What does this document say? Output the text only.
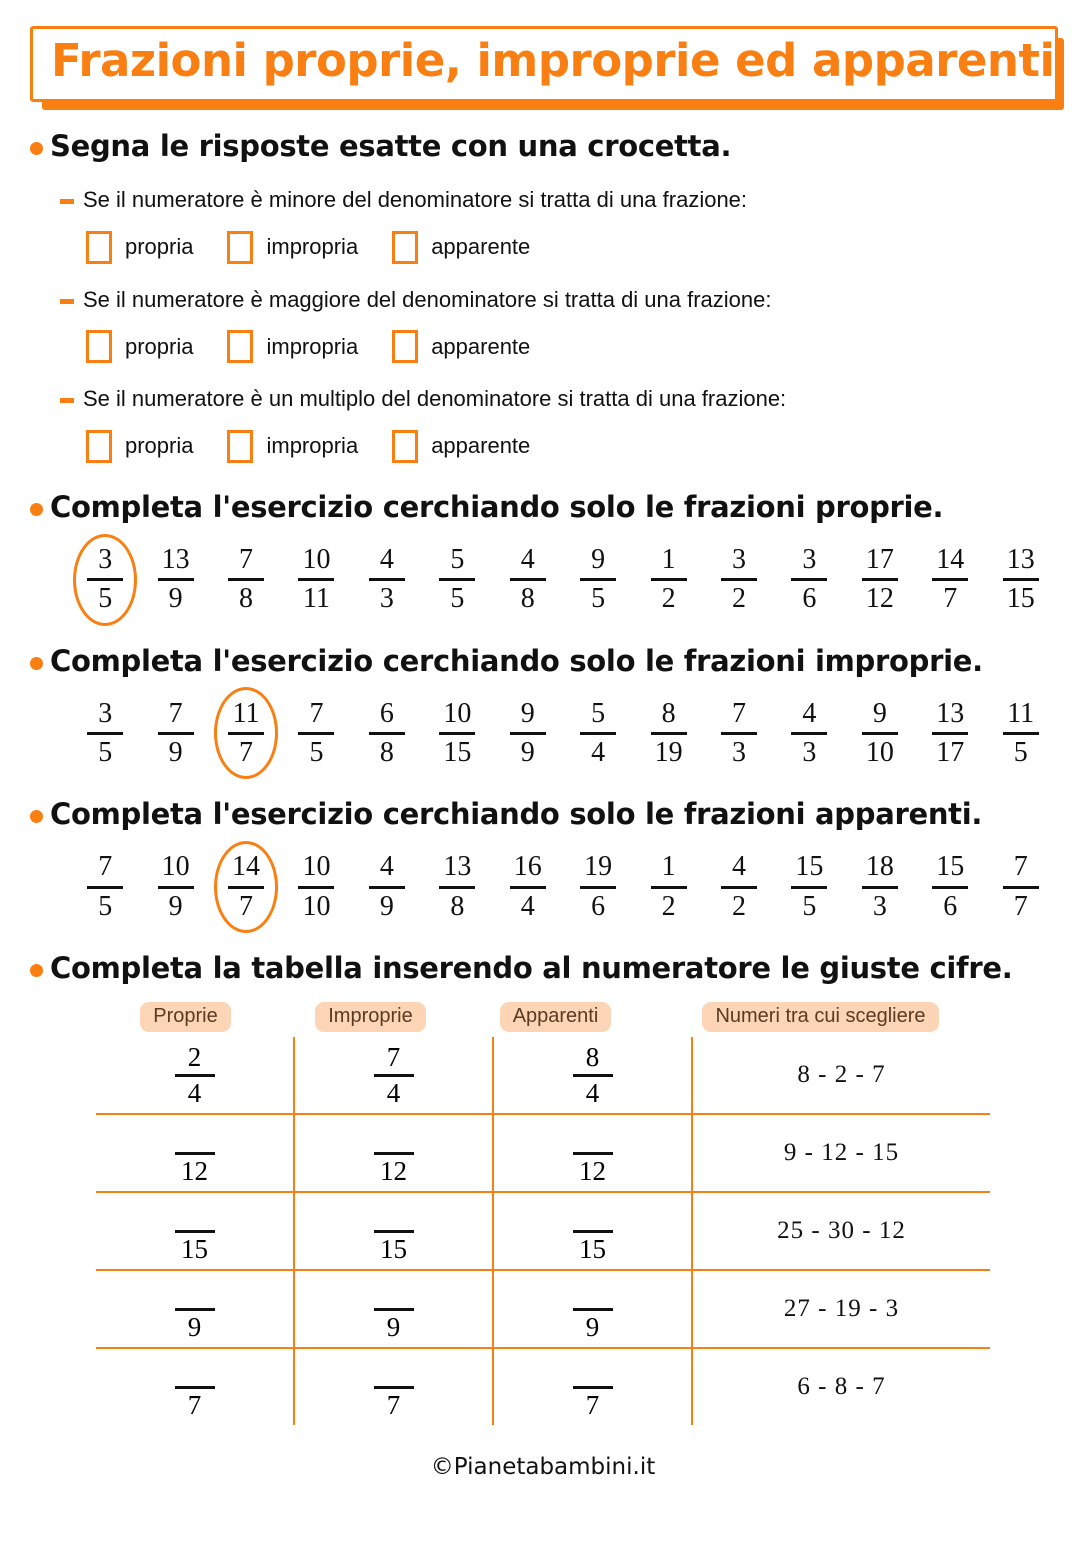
Frazioni proprie, improprie ed apparenti
Segna le risposte esatte con una crocetta.
Se il numeratore è minore del denominatore si tratta di una frazione:
propria	impropria	apparente
Se il numeratore è maggiore del denominatore si tratta di una frazione:
propria	impropria	apparente
Se il numeratore è un multiplo del denominatore si tratta di una frazione:
propria	impropria	apparente
Completa l'esercizio cerchiando solo le frazioni proprie.
$\frac{3}{5} \frac{13}{9} \frac{7}{8} \frac{10}{11} \frac{4}{3} \frac{5}{5} \frac{4}{8} \frac{9}{5} \frac{1}{2} \frac{3}{2} \frac{3}{6} \frac{17}{12} \frac{14}{7} \frac{13}{15}$
Completa l'esercizio cerchiando solo le frazioni improprie.
$\frac{3}{5} \frac{7}{9} \frac{11}{7} \frac{7}{5} \frac{6}{8} \frac{10}{15} \frac{9}{9} \frac{5}{4} \frac{8}{19} \frac{7}{3} \frac{4}{3} \frac{9}{10} \frac{13}{17} \frac{11}{5}$
Completa l'esercizio cerchiando solo le frazioni apparenti.
$\frac{7}{5} \frac{10}{9} \frac{14}{7} \frac{10}{10} \frac{4}{9} \frac{13}{8} \frac{16}{4} \frac{19}{6} \frac{1}{2} \frac{4}{2} \frac{15}{5} \frac{18}{3} \frac{15}{6} \frac{7}{7}$
Completa la tabella inserendo al numeratore le giuste cifre.
Proprie	Improprie	Apparenti	Numeri tra cui scegliere
$\frac{2}{4}$	$\frac{7}{4}$	$\frac{8}{4}$	8 - 2 - 7

12	12	12	9 - 12 - 15

15	15	15	25 - 30 - 12

9	9	9	27 - 19 - 3

7	7	7	6 - 8 - 7
©Pianetabambini.it
